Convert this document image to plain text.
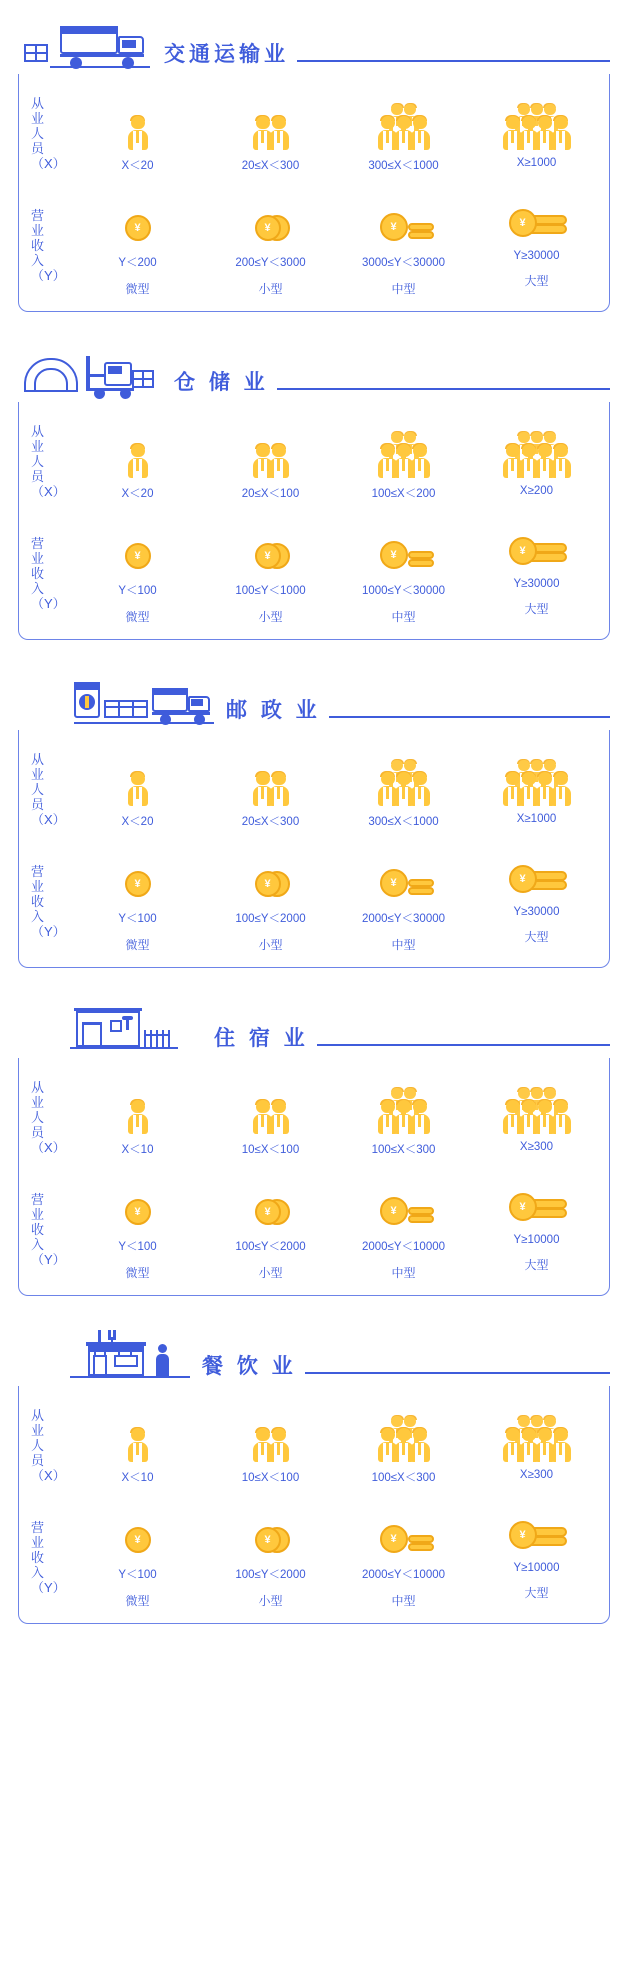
交通运输业
从
业
人
员
（X）
营
业
收
入
（Y）
X＜20
¥
Y＜200
微型
20≤X＜300
¥
200≤Y＜3000
小型
300≤X＜1000
¥
3000≤Y＜30000
中型
X≥1000
¥
Y≥30000
大型
仓 储 业
从
业
人
员
（X）
营
业
收
入
（Y）
X＜20
¥
Y＜100
微型
20≤X＜100
¥
100≤Y＜1000
小型
100≤X＜200
¥
1000≤Y＜30000
中型
X≥200
¥
Y≥30000
大型
邮 政 业
从
业
人
员
（X）
营
业
收
入
（Y）
X＜20
¥
Y＜100
微型
20≤X＜300
¥
100≤Y＜2000
小型
300≤X＜1000
¥
2000≤Y＜30000
中型
X≥1000
¥
Y≥30000
大型
住 宿 业
从
业
人
员
（X）
营
业
收
入
（Y）
X＜10
¥
Y＜100
微型
10≤X＜100
¥
100≤Y＜2000
小型
100≤X＜300
¥
2000≤Y＜10000
中型
X≥300
¥
Y≥10000
大型
餐 饮 业
从
业
人
员
（X）
营
业
收
入
（Y）
X＜10
¥
Y＜100
微型
10≤X＜100
¥
100≤Y＜2000
小型
100≤X＜300
¥
2000≤Y＜10000
中型
X≥300
¥
Y≥10000
大型
